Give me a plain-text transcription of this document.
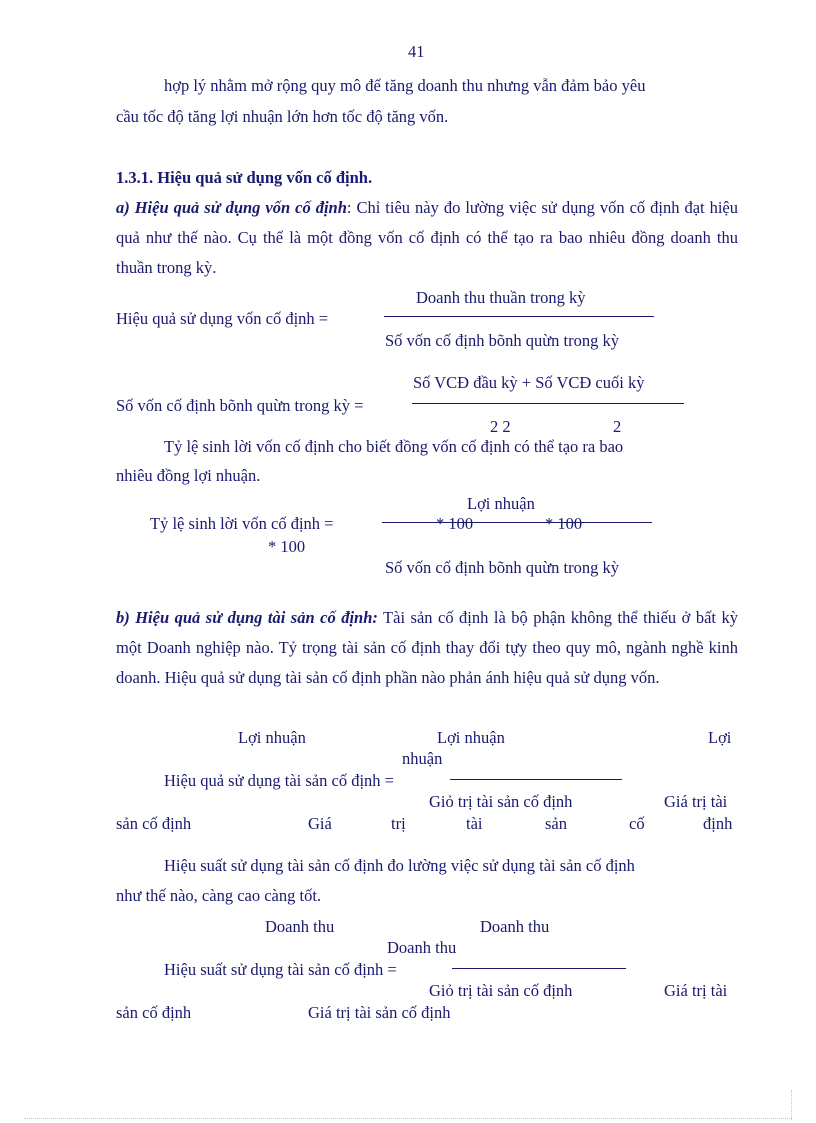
41
hợp lý nhằm mở rộng quy mô để tăng doanh thu nhưng vẫn đảm bảo yêu
cầu tốc độ tăng lợi nhuận lớn hơn tốc độ tăng vốn.
1.3.1. Hiệu quả sử dụng vốn cố định.
a) Hiệu quả sử dụng vốn cố định: Chỉ tiêu này đo lường việc sử dụng vốn cố định đạt hiệu quả như thế nào. Cụ thể là một đồng vốn cố định có thể tạo ra bao nhiêu đồng doanh thu thuần trong kỳ.
Hiệu quả sử dụng vốn cố định =
Doanh thu thuần trong kỳ
Số vốn cố định bõnh quừn trong kỳ
Số vốn cố định bõnh quừn trong kỳ =
Số VCĐ đầu kỳ + Số VCĐ cuối kỳ
2 2	2
Tỷ lệ sinh lời vốn cố định cho biết đồng vốn cố định có thể tạo ra bao
nhiêu đồng lợi nhuận.
Lợi nhuận
Tỷ lệ sinh lời vốn cố định =	* 100	* 100
* 100
Số vốn cố định bõnh quừn trong kỳ
b) Hiệu quả sử dụng tài sản cố định: Tài sản cố định là bộ phận không thể thiếu ở bất kỳ một Doanh nghiệp nào. Tỷ trọng tài sản cố định thay đổi tựy theo quy mô, ngành nghề kinh doanh. Hiệu quả sử dụng tài sản cố định phần nào phản ánh hiệu quả sử dụng vốn.
Lợi nhuận	Lợi nhuận	Lợi
nhuận
Hiệu quả sử dụng tài sản cố định =
Giỏ trị tài sản cố định	Giá trị tài
sản cố định	Giá	trị	tài	sản	cố	định
Hiệu suất sử dụng tài sản cố định đo lường việc sử dụng tài sản cố định
như thế nào, càng cao càng tốt.
Doanh thu	Doanh thu
Doanh thu
Hiệu suất sử dụng tài sản cố định =
Giỏ trị tài sản cố định	Giá trị tài
sản cố định	Giá trị tài sản cố định
